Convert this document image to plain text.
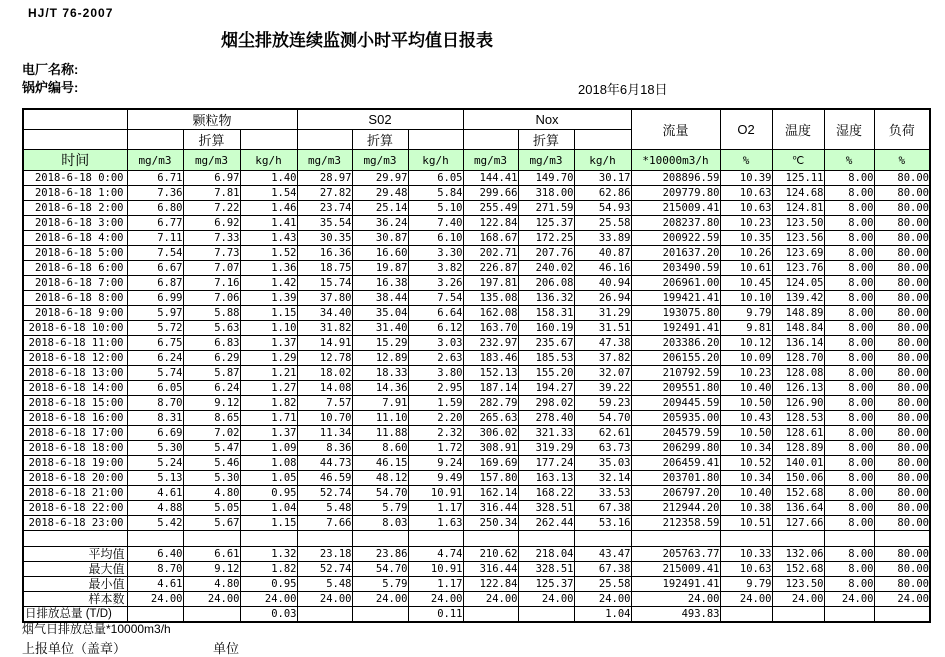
HJ/T 76-2007
烟尘排放连续监测小时平均值日报表
电厂名称:
锅炉编号:	2018年6月18日
	颗粒物			S02			Nox			流量	O2	温度	湿度	负荷
		折算			折算			折算						
时间	mg/m3	mg/m3	kg/h	mg/m3	mg/m3	kg/h	mg/m3	mg/m3	kg/h	*10000m3/h	%	℃	%	%
2018-6-18 0:00	6.71	6.97	1.40	28.97	29.97	6.05	144.41	149.70	30.17	208896.59	10.39	125.11	8.00	80.00
2018-6-18 1:00	7.36	7.81	1.54	27.82	29.48	5.84	299.66	318.00	62.86	209779.80	10.63	124.68	8.00	80.00
2018-6-18 2:00	6.80	7.22	1.46	23.74	25.14	5.10	255.49	271.59	54.93	215009.41	10.63	124.81	8.00	80.00
2018-6-18 3:00	6.77	6.92	1.41	35.54	36.24	7.40	122.84	125.37	25.58	208237.80	10.23	123.50	8.00	80.00
2018-6-18 4:00	7.11	7.33	1.43	30.35	30.87	6.10	168.67	172.25	33.89	200922.59	10.35	123.56	8.00	80.00
2018-6-18 5:00	7.54	7.73	1.52	16.36	16.60	3.30	202.71	207.76	40.87	201637.20	10.26	123.69	8.00	80.00
2018-6-18 6:00	6.67	7.07	1.36	18.75	19.87	3.82	226.87	240.02	46.16	203490.59	10.61	123.76	8.00	80.00
2018-6-18 7:00	6.87	7.16	1.42	15.74	16.38	3.26	197.81	206.08	40.94	206961.00	10.45	124.05	8.00	80.00
2018-6-18 8:00	6.99	7.06	1.39	37.80	38.44	7.54	135.08	136.32	26.94	199421.41	10.10	139.42	8.00	80.00
2018-6-18 9:00	5.97	5.88	1.15	34.40	35.04	6.64	162.08	158.31	31.29	193075.80	9.79	148.89	8.00	80.00
2018-6-18 10:00	5.72	5.63	1.10	31.82	31.40	6.12	163.70	160.19	31.51	192491.41	9.81	148.84	8.00	80.00
2018-6-18 11:00	6.75	6.83	1.37	14.91	15.29	3.03	232.97	235.67	47.38	203386.20	10.12	136.14	8.00	80.00
2018-6-18 12:00	6.24	6.29	1.29	12.78	12.89	2.63	183.46	185.53	37.82	206155.20	10.09	128.70	8.00	80.00
2018-6-18 13:00	5.74	5.87	1.21	18.02	18.33	3.80	152.13	155.20	32.07	210792.59	10.23	128.08	8.00	80.00
2018-6-18 14:00	6.05	6.24	1.27	14.08	14.36	2.95	187.14	194.27	39.22	209551.80	10.40	126.13	8.00	80.00
2018-6-18 15:00	8.70	9.12	1.82	7.57	7.91	1.59	282.79	298.02	59.23	209445.59	10.50	126.90	8.00	80.00
2018-6-18 16:00	8.31	8.65	1.71	10.70	11.10	2.20	265.63	278.40	54.70	205935.00	10.43	128.53	8.00	80.00
2018-6-18 17:00	6.69	7.02	1.37	11.34	11.88	2.32	306.02	321.33	62.61	204579.59	10.50	128.61	8.00	80.00
2018-6-18 18:00	5.30	5.47	1.09	8.36	8.60	1.72	308.91	319.29	63.73	206299.80	10.34	128.89	8.00	80.00
2018-6-18 19:00	5.24	5.46	1.08	44.73	46.15	9.24	169.69	177.24	35.03	206459.41	10.52	140.01	8.00	80.00
2018-6-18 20:00	5.13	5.30	1.05	46.59	48.12	9.49	157.80	163.13	32.14	203701.80	10.34	150.06	8.00	80.00
2018-6-18 21:00	4.61	4.80	0.95	52.74	54.70	10.91	162.14	168.22	33.53	206797.20	10.40	152.68	8.00	80.00
2018-6-18 22:00	4.88	5.05	1.04	5.48	5.79	1.17	316.44	328.51	67.38	212944.20	10.38	136.64	8.00	80.00
2018-6-18 23:00	5.42	5.67	1.15	7.66	8.03	1.63	250.34	262.44	53.16	212358.59	10.51	127.66	8.00	80.00

平均值	6.40	6.61	1.32	23.18	23.86	4.74	210.62	218.04	43.47	205763.77	10.33	132.06	8.00	80.00
最大值	8.70	9.12	1.82	52.74	54.70	10.91	316.44	328.51	67.38	215009.41	10.63	152.68	8.00	80.00
最小值	4.61	4.80	0.95	5.48	5.79	1.17	122.84	125.37	25.58	192491.41	9.79	123.50	8.00	80.00
样本数	24.00	24.00	24.00	24.00	24.00	24.00	24.00	24.00	24.00	24.00	24.00	24.00	24.00	24.00
日排放总量 (T/D)			0.03			0.11			1.04	493.83				
烟气日排放总量*10000m3/h
上报单位（盖章）	单位
